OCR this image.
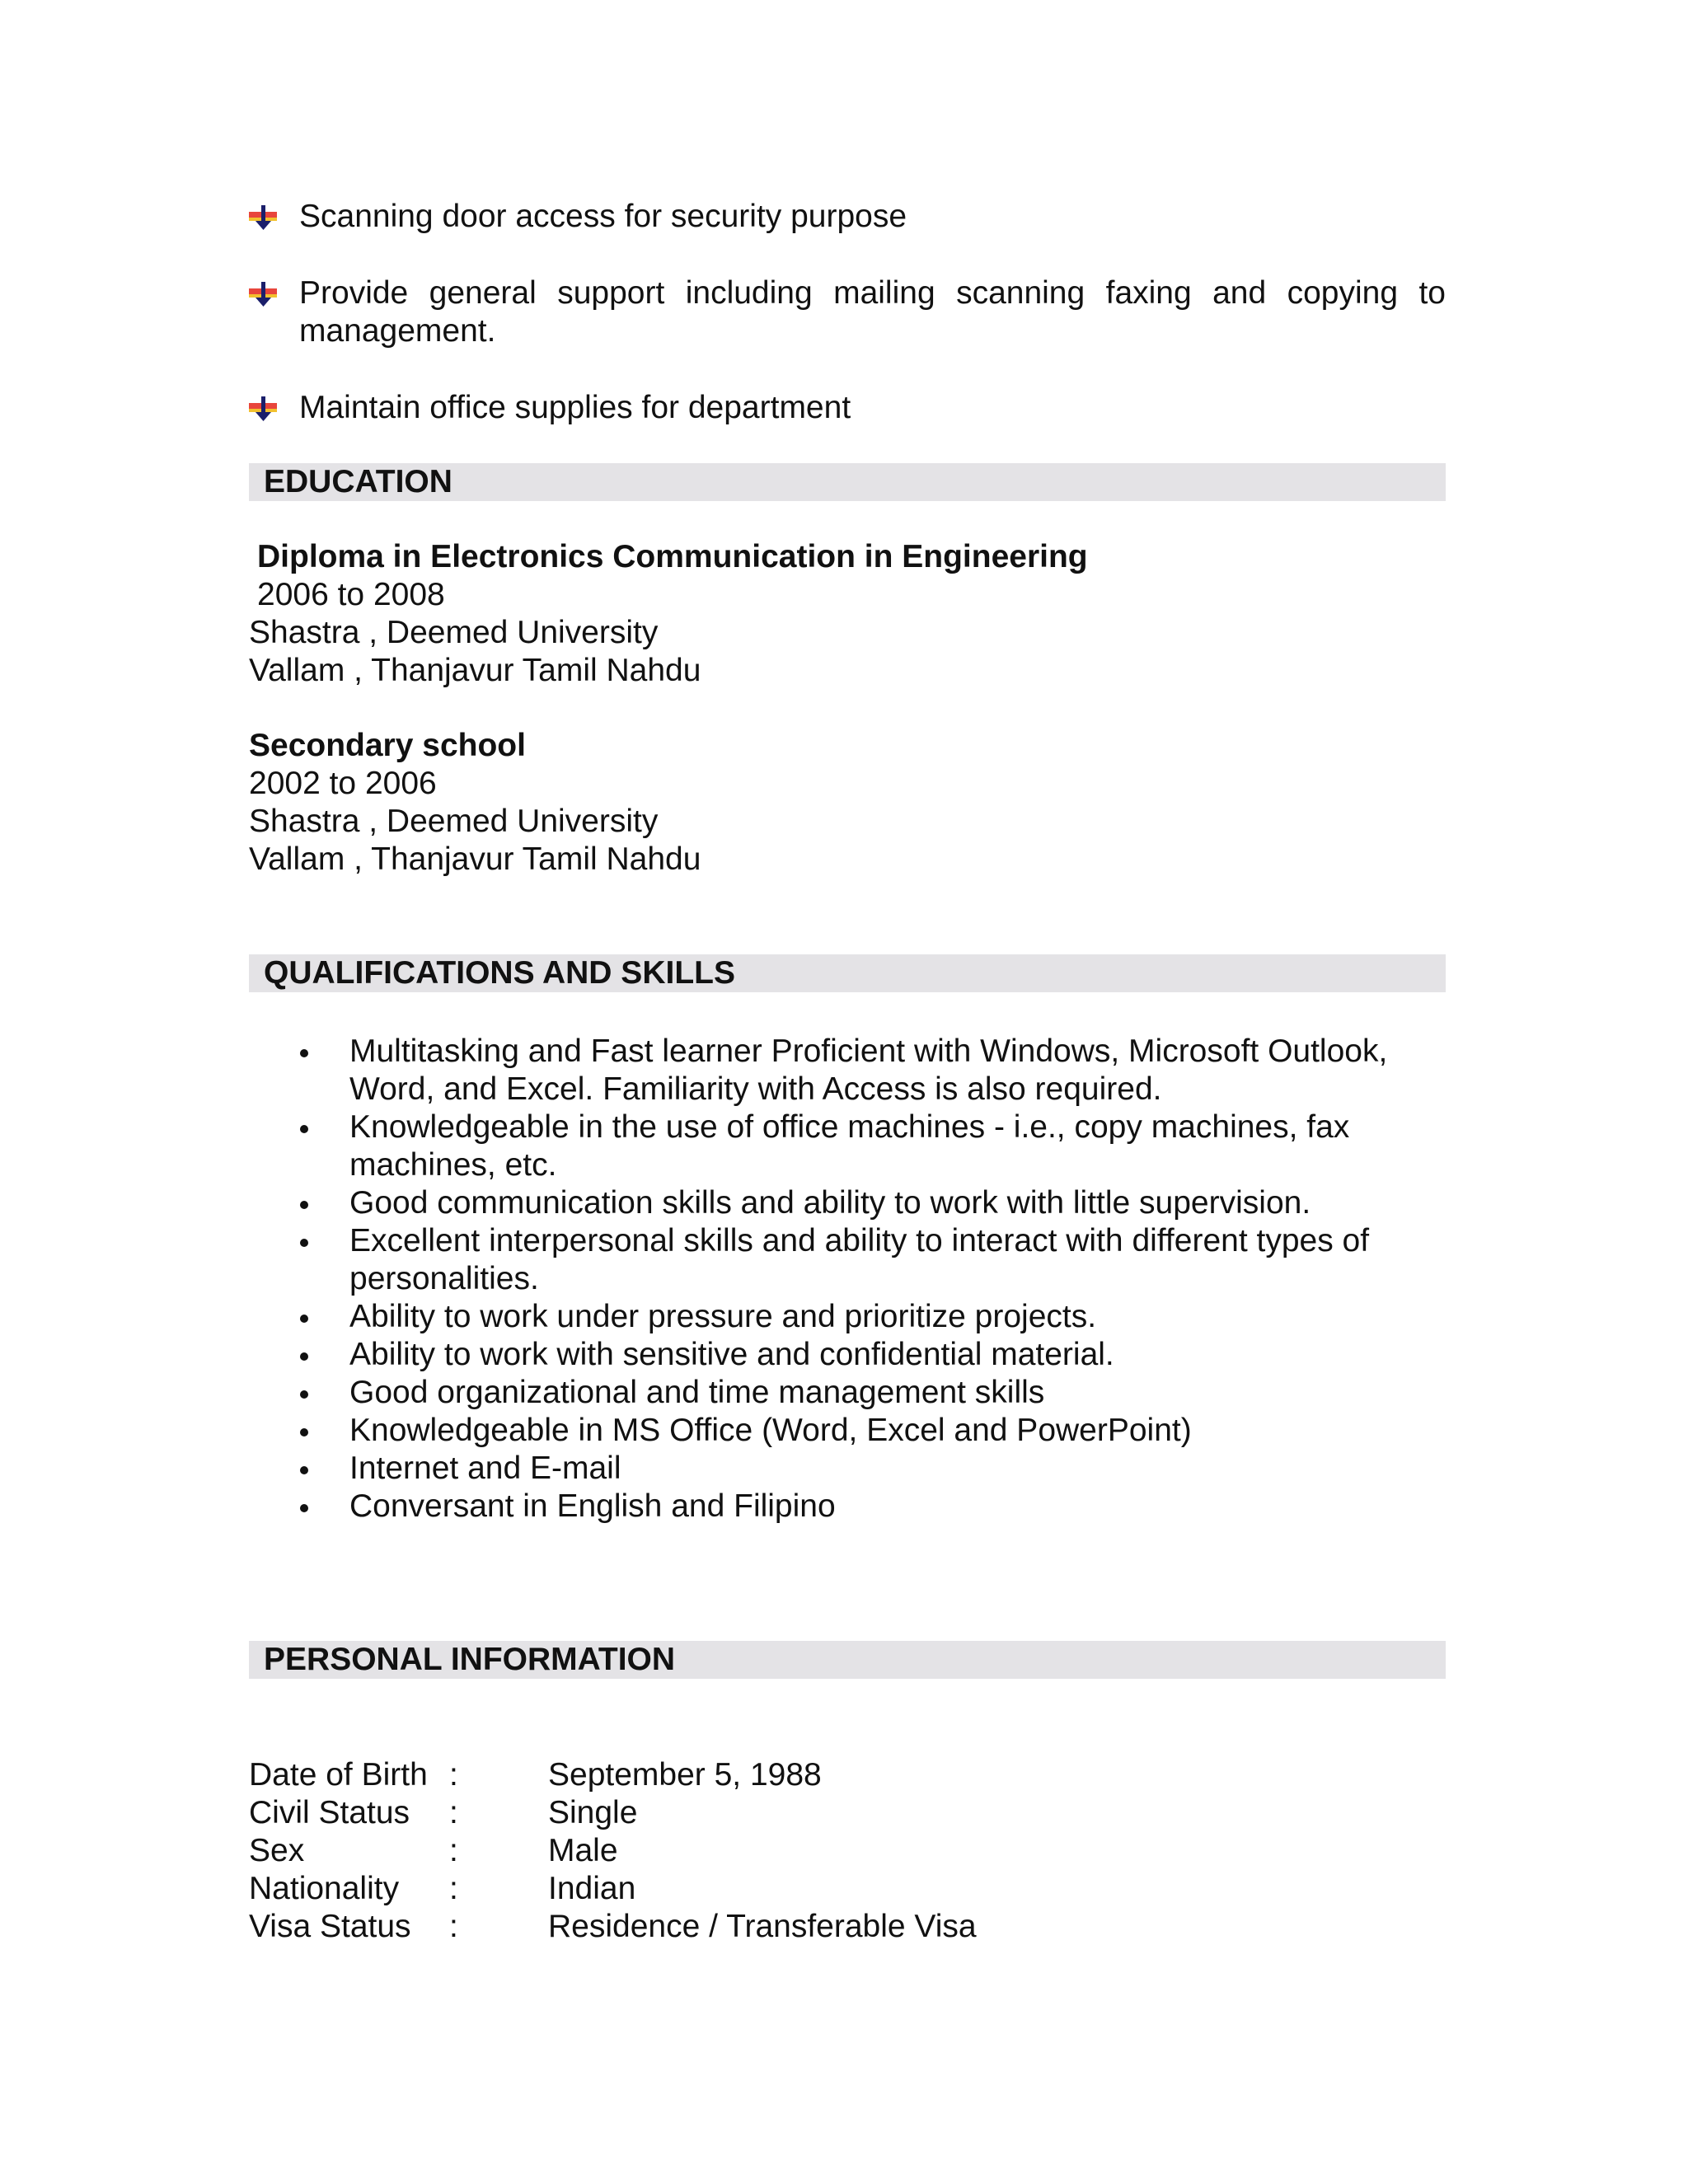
Scanning door access for security purpose
Provide general support including mailing scanning faxing and copying to management.
Maintain office supplies for department
EDUCATION
Diploma in Electronics Communication in Engineering
2006 to 2008
Shastra , Deemed University
Vallam , Thanjavur Tamil Nahdu
Secondary school
2002 to 2006
Shastra , Deemed University
Vallam , Thanjavur Tamil Nahdu
QUALIFICATIONS AND SKILLS
Multitasking and Fast learner Proficient with Windows, Microsoft Outlook, Word, and Excel. Familiarity with Access is also required.
Knowledgeable in the use of office machines - i.e., copy machines, fax machines, etc.
Good communication skills and ability to work with little supervision.
Excellent interpersonal skills and ability to interact with different types of personalities.
Ability to work under pressure and prioritize projects.
Ability to work with sensitive and confidential material.
Good organizational and time management skills
Knowledgeable in MS Office (Word, Excel and PowerPoint)
Internet and E-mail
Conversant in English and Filipino
PERSONAL INFORMATION
Date of Birth :	September 5, 1988
Civil Status	:	Single
Sex	:	Male
Nationality	:	Indian
Visa Status	:	Residence / Transferable Visa
